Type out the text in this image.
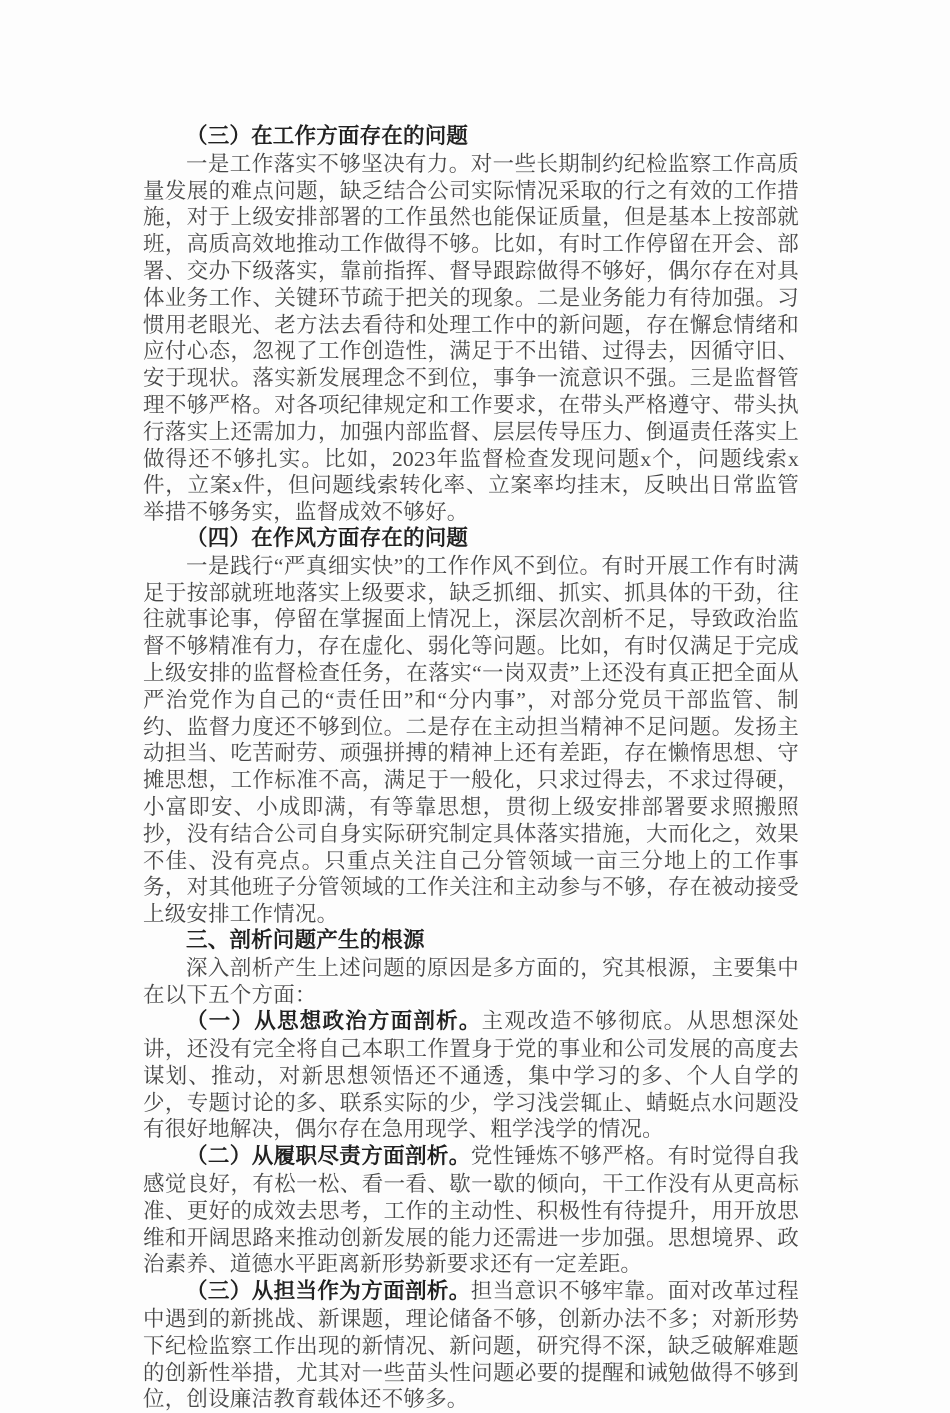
（三）在工作方面存在的问题

一是工作落实不够坚决有力。对一些长期制约纪检监察工作高质量发展的难点问题，缺乏结合公司实际情况采取的行之有效的工作措施，对于上级安排部署的工作虽然也能保证质量，但是基本上按部就班，高质高效地推动工作做得不够。比如，有时工作停留在开会、部署、交办下级落实，靠前指挥、督导跟踪做得不够好，偶尔存在对具体业务工作、关键环节疏于把关的现象。二是业务能力有待加强。习惯用老眼光、老方法去看待和处理工作中的新问题，存在懈怠情绪和应付心态，忽视了工作创造性，满足于不出错、过得去，因循守旧、安于现状。落实新发展理念不到位，事争一流意识不强。三是监督管理不够严格。对各项纪律规定和工作要求，在带头严格遵守、带头执行落实上还需加力，加强内部监督、层层传导压力、倒逼责任落实上做得还不够扎实。比如，2023年监督检查发现问题x个，问题线索x件，立案x件，但问题线索转化率、立案率均挂末，反映出日常监管举措不够务实，监督成效不够好。

（四）在作风方面存在的问题

一是践行“严真细实快”的工作作风不到位。有时开展工作有时满足于按部就班地落实上级要求，缺乏抓细、抓实、抓具体的干劲，往往就事论事，停留在掌握面上情况上，深层次剖析不足，导致政治监督不够精准有力，存在虚化、弱化等问题。比如，有时仅满足于完成上级安排的监督检查任务，在落实“一岗双责”上还没有真正把全面从严治党作为自己的“责任田”和“分内事”，对部分党员干部监管、制约、监督力度还不够到位。二是存在主动担当精神不足问题。发扬主动担当、吃苦耐劳、顽强拼搏的精神上还有差距，存在懒惰思想、守摊思想，工作标准不高，满足于一般化，只求过得去，不求过得硬，小富即安、小成即满，有等靠思想，贯彻上级安排部署要求照搬照抄，没有结合公司自身实际研究制定具体落实措施，大而化之，效果不佳、没有亮点。只重点关注自己分管领域一亩三分地上的工作事务，对其他班子分管领域的工作关注和主动参与不够，存在被动接受上级安排工作情况。

三、剖析问题产生的根源

深入剖析产生上述问题的原因是多方面的，究其根源，主要集中在以下五个方面：

（一）从思想政治方面剖析。主观改造不够彻底。从思想深处讲，还没有完全将自己本职工作置身于党的事业和公司发展的高度去谋划、推动，对新思想领悟还不通透，集中学习的多、个人自学的少，专题讨论的多、联系实际的少，学习浅尝辄止、蜻蜓点水问题没有很好地解决，偶尔存在急用现学、粗学浅学的情况。

（二）从履职尽责方面剖析。党性锤炼不够严格。有时觉得自我感觉良好，有松一松、看一看、歇一歇的倾向，干工作没有从更高标准、更好的成效去思考，工作的主动性、积极性有待提升，用开放思维和开阔思路来推动创新发展的能力还需进一步加强。思想境界、政治素养、道德水平距离新形势新要求还有一定差距。

（三）从担当作为方面剖析。担当意识不够牢靠。面对改革过程中遇到的新挑战、新课题，理论储备不够，创新办法不多；对新形势下纪检监察工作出现的新情况、新问题，研究得不深，缺乏破解难题的创新性举措，尤其对一些苗头性问题必要的提醒和诫勉做得不够到位，创设廉洁教育载体还不够多。
